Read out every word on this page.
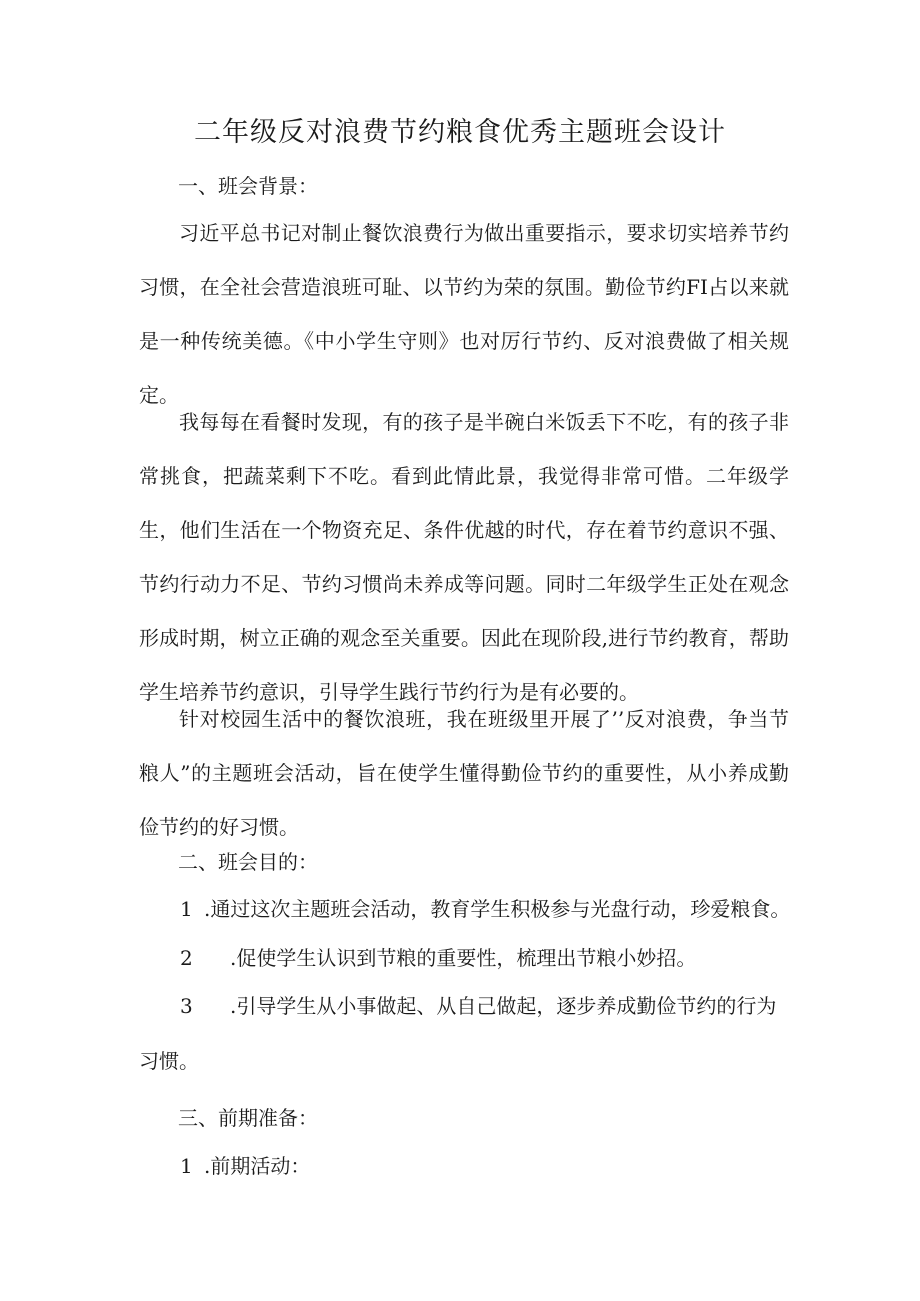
二年级反对浪费节约粮食优秀主题班会设计
一、班会背景：
习近平总书记对制止餐饮浪费行为做出重要指示，要求切实培养节约习惯，在全社会营造浪班可耻、以节约为荣的氛围。勤俭节约FI占以来就是一种传统美德。《中小学生守则》也对厉行节约、反对浪费做了相关规定。
我每每在看餐时发现，有的孩子是半碗白米饭丢下不吃，有的孩子非常挑食，把蔬菜剩下不吃。看到此情此景，我觉得非常可惜。二年级学生，他们生活在一个物资充足、条件优越的时代，存在着节约意识不强、节约行动力不足、节约习惯尚未养成等问题。同时二年级学生正处在观念形成时期，树立正确的观念至关重要。因此在现阶段,进行节约教育，帮助学生培养节约意识，引导学生践行节约行为是有必要的。
针对校园生活中的餐饮浪班，我在班级里开展了’’反对浪费，争当节粮人”的主题班会活动，旨在使学生懂得勤俭节约的重要性，从小养成勤俭节约的好习惯。
二、班会目的：
1 .通过这次主题班会活动，教育学生积极参与光盘行动，珍爱粮食。
2 .促使学生认识到节粮的重要性，梳理出节粮小妙招。
3 .引导学生从小事做起、从自己做起，逐步养成勤俭节约的行为
习惯。
三、前期准备：
1 .前期活动：
